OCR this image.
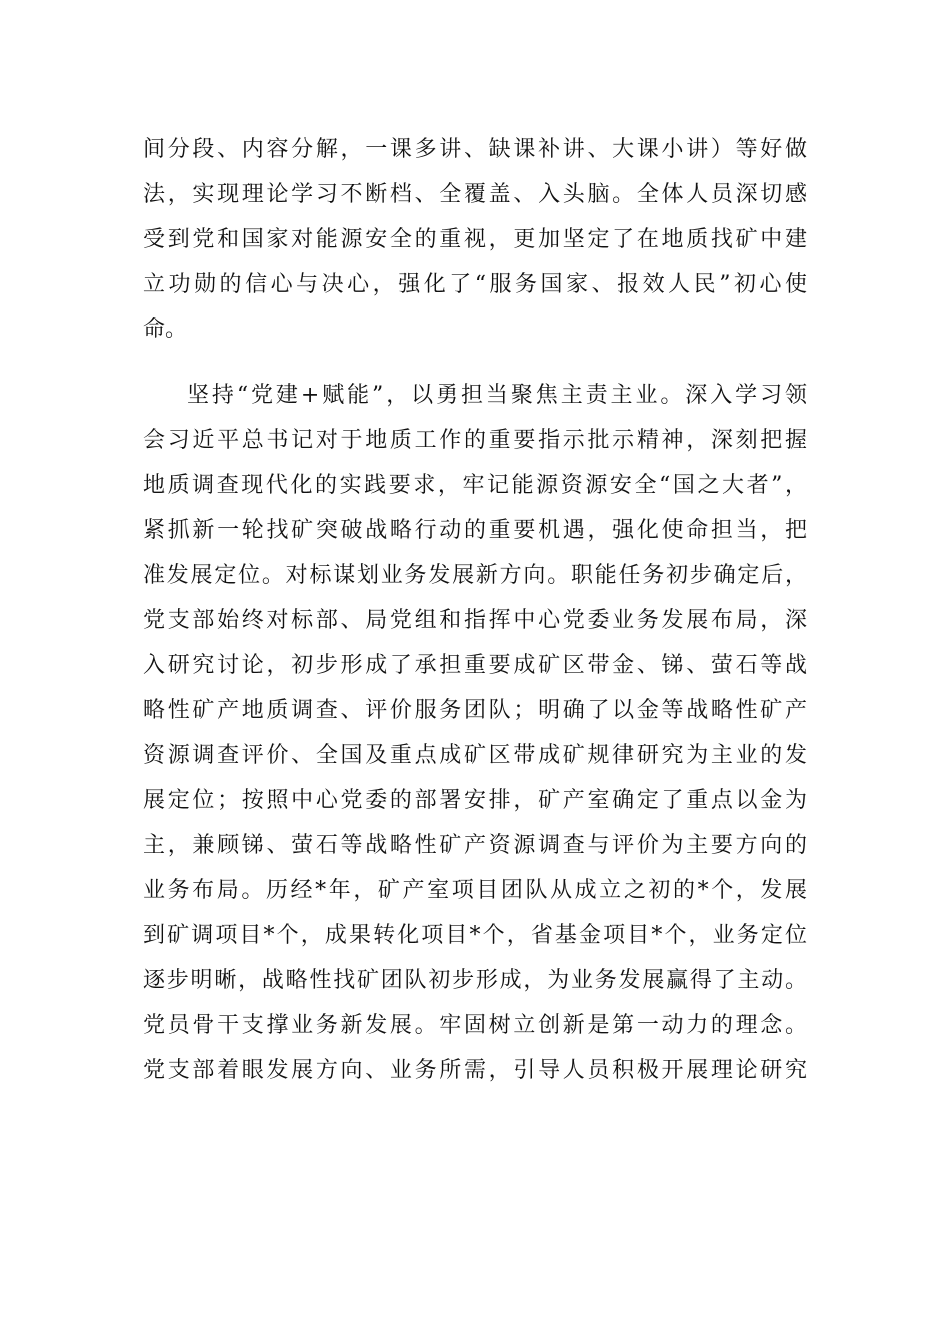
间分段、内容分解，一课多讲、缺课补讲、大课小讲）等好做
法，实现理论学习不断档、全覆盖、入头脑。全体人员深切感
受到党和国家对能源安全的重视，更加坚定了在地质找矿中建
立功勋的信心与决心，强化了“服务国家、报效人民”初心使
命。
坚持“党建+赋能”，以勇担当聚焦主责主业。深入学习领
会习近平总书记对于地质工作的重要指示批示精神，深刻把握
地质调查现代化的实践要求，牢记能源资源安全“国之大者”，
紧抓新一轮找矿突破战略行动的重要机遇，强化使命担当，把
准发展定位。对标谋划业务发展新方向。职能任务初步确定后，
党支部始终对标部、局党组和指挥中心党委业务发展布局，深
入研究讨论，初步形成了承担重要成矿区带金、锑、萤石等战
略性矿产地质调查、评价服务团队；明确了以金等战略性矿产
资源调查评价、全国及重点成矿区带成矿规律研究为主业的发
展定位；按照中心党委的部署安排，矿产室确定了重点以金为
主，兼顾锑、萤石等战略性矿产资源调查与评价为主要方向的
业务布局。历经*年，矿产室项目团队从成立之初的*个，发展
到矿调项目*个，成果转化项目*个，省基金项目*个，业务定位
逐步明晰，战略性找矿团队初步形成，为业务发展赢得了主动。
党员骨干支撑业务新发展。牢固树立创新是第一动力的理念。
党支部着眼发展方向、业务所需，引导人员积极开展理论研究
